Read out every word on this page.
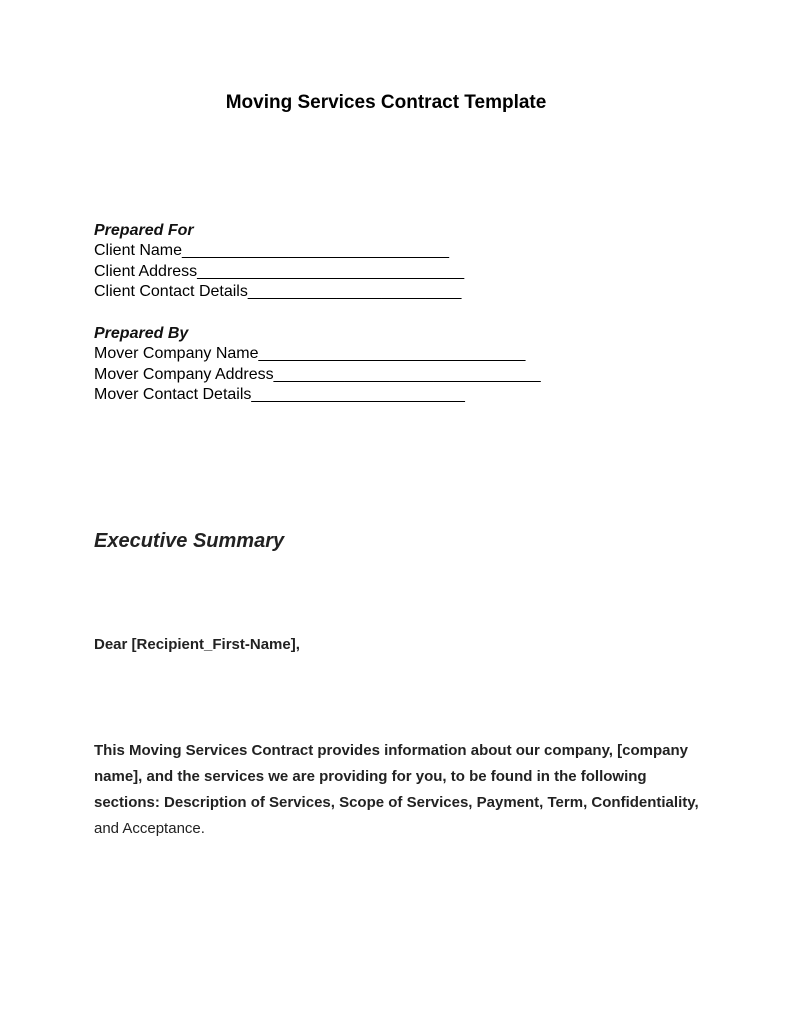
Moving Services Contract Template

Prepared For

Client Name______________________________

Client Address______________________________

Client Contact Details________________________

Prepared By

Mover Company Name______________________________

Mover Company Address______________________________

Mover Contact Details________________________

Executive Summary

Dear [Recipient_First-Name],

This Moving Services Contract provides information about our company, [company name], and the services we are providing for you, to be found in the following sections: Description of Services, Scope of Services, Payment, Term, Confidentiality, and Acceptance.
